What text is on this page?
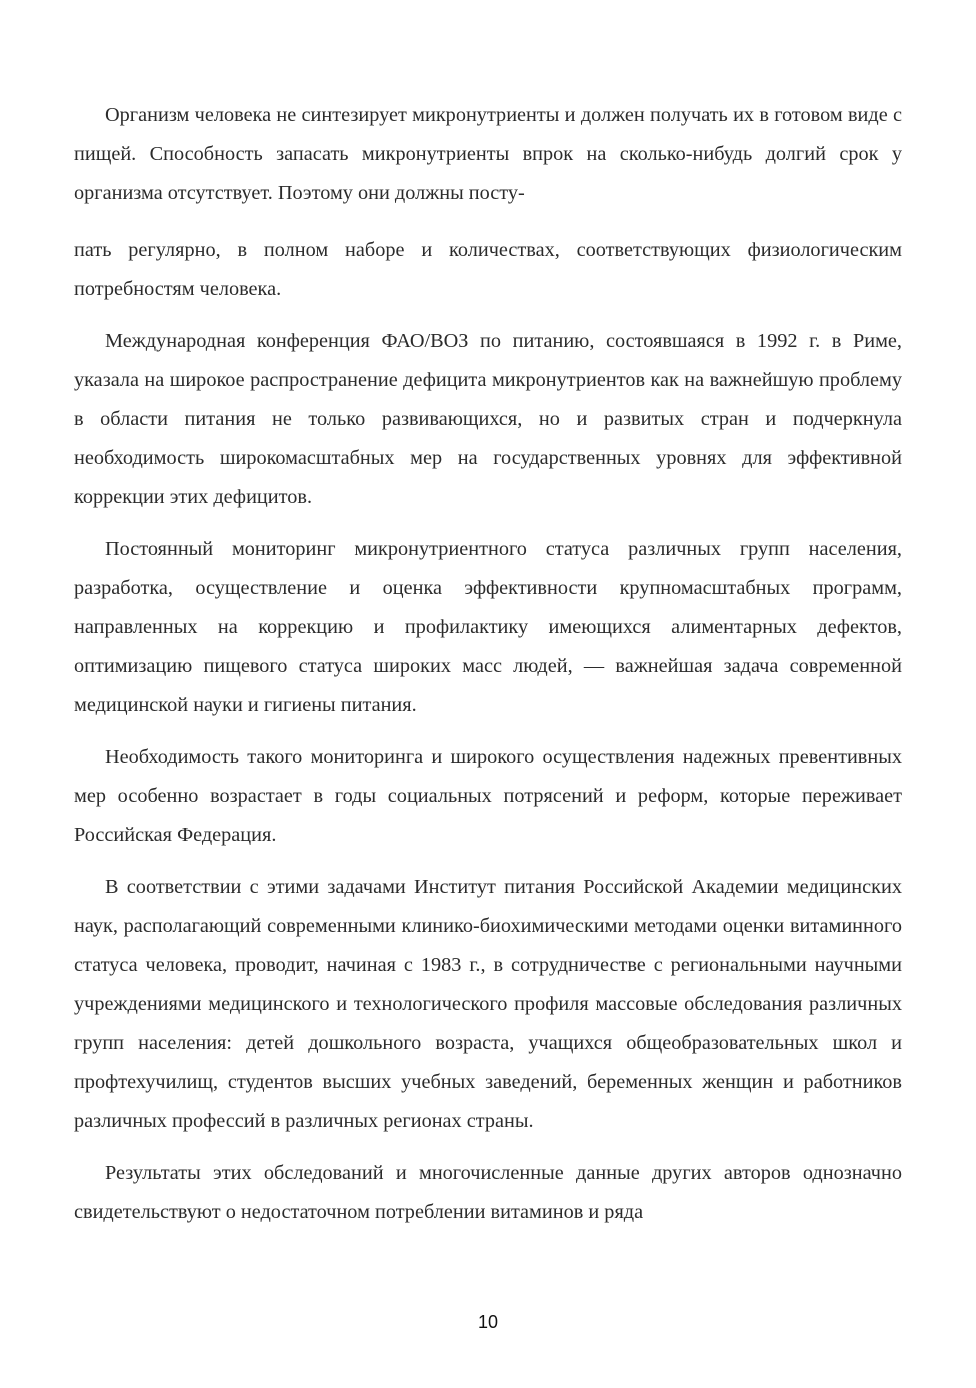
Организм человека не синтезирует микронутриенты и должен получать их в готовом виде с пищей. Способность запасать микронутриенты впрок на сколько-нибудь долгий срок у организма отсутствует. Поэтому они должны посту-

пать регулярно, в полном наборе и количествах, соответствующих физиологическим потребностям человека.

Международная конференция ФАО/ВОЗ по питанию, состоявшаяся в 1992 г. в Риме, указала на широкое распространение дефицита микронутриентов как на важнейшую проблему в области питания не только развивающихся, но и развитых стран и подчеркнула необходимость широкомасштабных мер на государственных уровнях для эффективной коррекции этих дефицитов.

Постоянный мониторинг микронутриентного статуса различных групп населения, разработка, осуществление и оценка эффективности крупномасштабных программ, направленных на коррекцию и профилактику имеющихся алиментарных дефектов, оптимизацию пищевого статуса широких масс людей, — важнейшая задача современной медицинской науки и гигиены питания.

Необходимость такого мониторинга и широкого осуществления надежных превентивных мер особенно возрастает в годы социальных потрясений и реформ, которые переживает Российская Федерация.

В соответствии с этими задачами Институт питания Российской Академии медицинских наук, располагающий современными клинико-биохимическими методами оценки витаминного статуса человека, проводит, начиная с 1983 г., в сотрудничестве с региональными научными учреждениями медицинского и технологического профиля массовые обследования различных групп населения: детей дошкольного возраста, учащихся общеобразовательных школ и профтехучилищ, студентов высших учебных заведений, беременных женщин и работников различных профессий в различных регионах страны.

Результаты этих обследований и многочисленные данные других авторов однозначно свидетельствуют о недостаточном потреблении витаминов и ряда

10
